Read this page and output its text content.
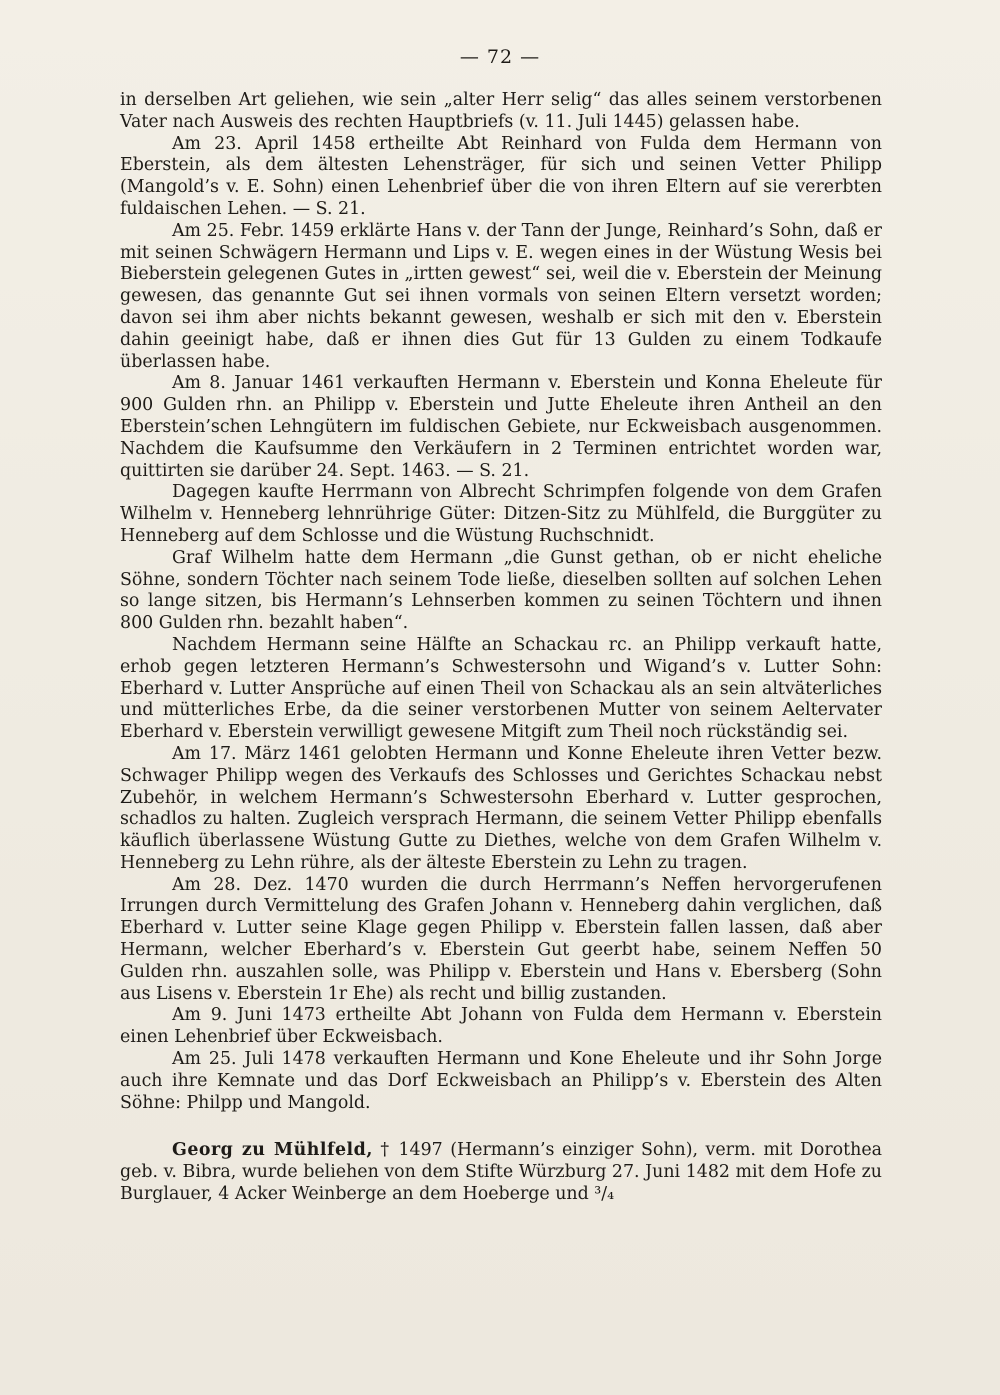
— 72 —

in derselben Art geliehen, wie sein „alter Herr selig“ das alles seinem verstorbenen Vater nach Ausweis des rechten Hauptbriefs (v. 11. Juli 1445) gelassen habe.

Am 23. April 1458 ertheilte Abt Reinhard von Fulda dem Hermann von Eberstein, als dem ältesten Lehensträger, für sich und seinen Vetter Philipp (Mangold’s v. E. Sohn) einen Lehenbrief über die von ihren Eltern auf sie vererbten fuldaischen Lehen. — S. 21.

Am 25. Febr. 1459 erklärte Hans v. der Tann der Junge, Reinhard’s Sohn, daß er mit seinen Schwägern Hermann und Lips v. E. wegen eines in der Wüstung Wesis bei Bieberstein gelegenen Gutes in „irtten gewest“ sei, weil die v. Eberstein der Meinung gewesen, das genannte Gut sei ihnen vormals von seinen Eltern versetzt worden; davon sei ihm aber nichts bekannt gewesen, weshalb er sich mit den v. Eberstein dahin geeinigt habe, daß er ihnen dies Gut für 13 Gulden zu einem Todkaufe überlassen habe.

Am 8. Januar 1461 verkauften Hermann v. Eberstein und Konna Eheleute für 900 Gulden rhn. an Philipp v. Eberstein und Jutte Eheleute ihren Antheil an den Eberstein’schen Lehngütern im fuldischen Gebiete, nur Eckweisbach ausgenommen. Nachdem die Kaufsumme den Verkäufern in 2 Terminen entrichtet worden war, quittirten sie darüber 24. Sept. 1463. — S. 21.

Dagegen kaufte Herrmann von Albrecht Schrimpfen folgende von dem Grafen Wilhelm v. Henneberg lehnrührige Güter: Ditzen-Sitz zu Mühlfeld, die Burggüter zu Henneberg auf dem Schlosse und die Wüstung Ruchschnidt.

Graf Wilhelm hatte dem Hermann „die Gunst gethan, ob er nicht eheliche Söhne, sondern Töchter nach seinem Tode ließe, dieselben sollten auf solchen Lehen so lange sitzen, bis Hermann’s Lehnserben kommen zu seinen Töchtern und ihnen 800 Gulden rhn. bezahlt haben“.

Nachdem Hermann seine Hälfte an Schackau rc. an Philipp verkauft hatte, erhob gegen letzteren Hermann’s Schwestersohn und Wigand’s v. Lutter Sohn: Eberhard v. Lutter Ansprüche auf einen Theil von Schackau als an sein altväterliches und mütterliches Erbe, da die seiner verstorbenen Mutter von seinem Aeltervater Eberhard v. Eberstein verwilligt gewesene Mitgift zum Theil noch rückständig sei.

Am 17. März 1461 gelobten Hermann und Konne Eheleute ihren Vetter bezw. Schwager Philipp wegen des Verkaufs des Schlosses und Gerichtes Schackau nebst Zubehör, in welchem Hermann’s Schwestersohn Eberhard v. Lutter gesprochen, schadlos zu halten. Zugleich versprach Hermann, die seinem Vetter Philipp ebenfalls käuflich überlassene Wüstung Gutte zu Diethes, welche von dem Grafen Wilhelm v. Henneberg zu Lehn rühre, als der älteste Eberstein zu Lehn zu tragen.

Am 28. Dez. 1470 wurden die durch Herrmann’s Neffen hervorgerufenen Irrungen durch Vermittelung des Grafen Johann v. Henneberg dahin verglichen, daß Eberhard v. Lutter seine Klage gegen Philipp v. Eberstein fallen lassen, daß aber Hermann, welcher Eberhard’s v. Eberstein Gut geerbt habe, seinem Neffen 50 Gulden rhn. auszahlen solle, was Philipp v. Eberstein und Hans v. Ebersberg (Sohn aus Lisens v. Eberstein 1r Ehe) als recht und billig zustanden.

Am 9. Juni 1473 ertheilte Abt Johann von Fulda dem Hermann v. Eberstein einen Lehenbrief über Eckweisbach.

Am 25. Juli 1478 verkauften Hermann und Kone Eheleute und ihr Sohn Jorge auch ihre Kemnate und das Dorf Eckweisbach an Philipp’s v. Eberstein des Alten Söhne: Philpp und Mangold.

Georg zu Mühlfeld, † 1497 (Hermann’s einziger Sohn), verm. mit Dorothea geb. v. Bibra, wurde beliehen von dem Stifte Würzburg 27. Juni 1482 mit dem Hofe zu Burglauer, 4 Acker Weinberge an dem Hoeberge und ³/₄
